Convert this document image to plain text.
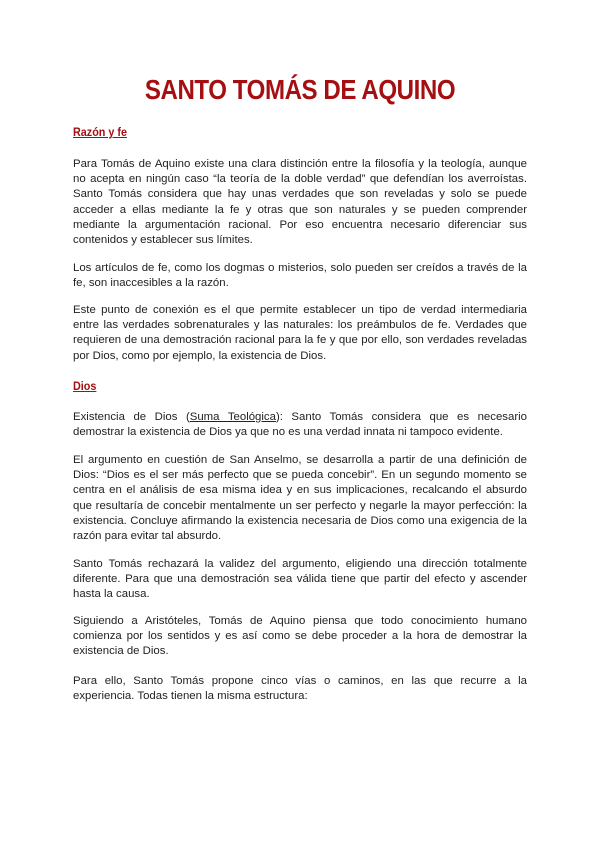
SANTO TOMÁS DE AQUINO
Razón y fe

Para Tomás de Aquino existe una clara distinción entre la filosofía y la teología, aunque no acepta en ningún caso “la teoría de la doble verdad” que defendían los averroístas. Santo Tomás considera que hay unas verdades que son reveladas y solo se puede acceder a ellas mediante la fe y otras que son naturales y se pueden comprender mediante la argumentación racional. Por eso encuentra necesario diferenciar sus contenidos y establecer sus límites.

Los artículos de fe, como los dogmas o misterios, solo pueden ser creídos a través de la fe, son inaccesibles a la razón.

Este punto de conexión es el que permite establecer un tipo de verdad intermediaria entre las verdades sobrenaturales y las naturales: los preámbulos de fe. Verdades que requieren de una demostración racional para la fe y que por ello, son verdades reveladas por Dios, como por ejemplo, la existencia de Dios.

Dios

Existencia de Dios (Suma Teológica): Santo Tomás considera que es necesario demostrar la existencia de Dios ya que no es una verdad innata ni tampoco evidente.

El argumento en cuestión de San Anselmo, se desarrolla a partir de una definición de Dios: “Dios es el ser más perfecto que se pueda concebir”. En un segundo momento se centra en el análisis de esa misma idea y en sus implicaciones, recalcando el absurdo que resultaría de concebir mentalmente un ser perfecto y negarle la mayor perfección: la existencia. Concluye afirmando la existencia necesaria de Dios como una exigencia de la razón para evitar tal absurdo.

Santo Tomás rechazará la validez del argumento, eligiendo una dirección totalmente diferente. Para que una demostración sea válida tiene que partir del efecto y ascender hasta la causa.

Siguiendo a Aristóteles, Tomás de Aquino piensa que todo conocimiento humano comienza por los sentidos y es así como se debe proceder a la hora de demostrar la existencia de Dios.

Para ello, Santo Tomás propone cinco vías o caminos, en las que recurre a la experiencia. Todas tienen la misma estructura:
